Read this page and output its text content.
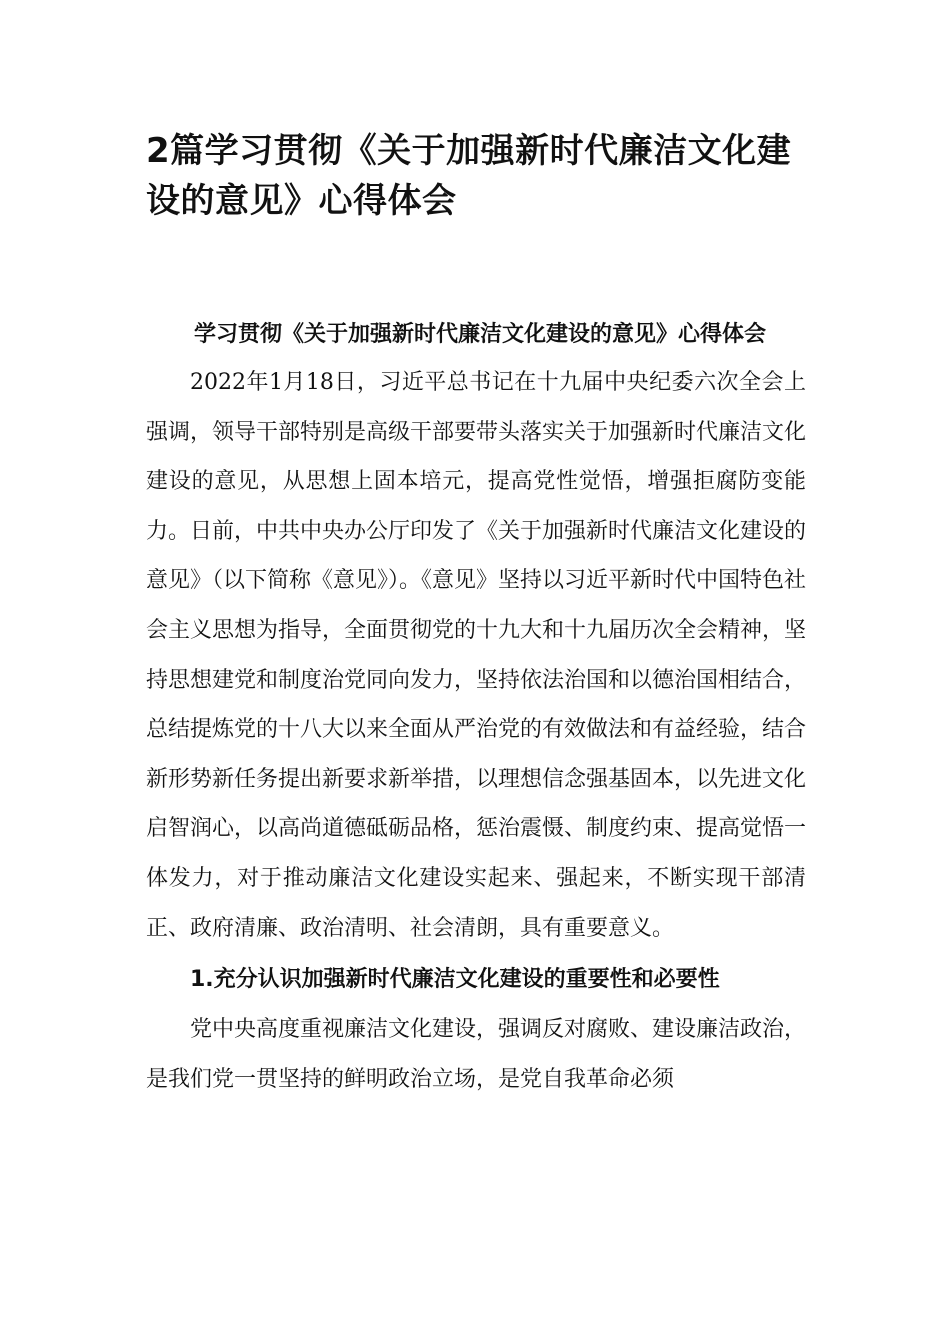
2篇学习贯彻《关于加强新时代廉洁文化建设的意见》心得体会

学习贯彻《关于加强新时代廉洁文化建设的意见》心得体会

2022年1月18日，习近平总书记在十九届中央纪委六次全会上强调，领导干部特别是高级干部要带头落实关于加强新时代廉洁文化建设的意见，从思想上固本培元，提高党性觉悟，增强拒腐防变能力。日前，中共中央办公厅印发了《关于加强新时代廉洁文化建设的意见》（以下简称《意见》）。《意见》坚持以习近平新时代中国特色社会主义思想为指导，全面贯彻党的十九大和十九届历次全会精神，坚持思想建党和制度治党同向发力，坚持依法治国和以德治国相结合，总结提炼党的十八大以来全面从严治党的有效做法和有益经验，结合新形势新任务提出新要求新举措，以理想信念强基固本，以先进文化启智润心，以高尚道德砥砺品格，惩治震慑、制度约束、提高觉悟一体发力，对于推动廉洁文化建设实起来、强起来，不断实现干部清正、政府清廉、政治清明、社会清朗，具有重要意义。

1.充分认识加强新时代廉洁文化建设的重要性和必要性

党中央高度重视廉洁文化建设，强调反对腐败、建设廉洁政治，是我们党一贯坚持的鲜明政治立场，是党自我革命必须
